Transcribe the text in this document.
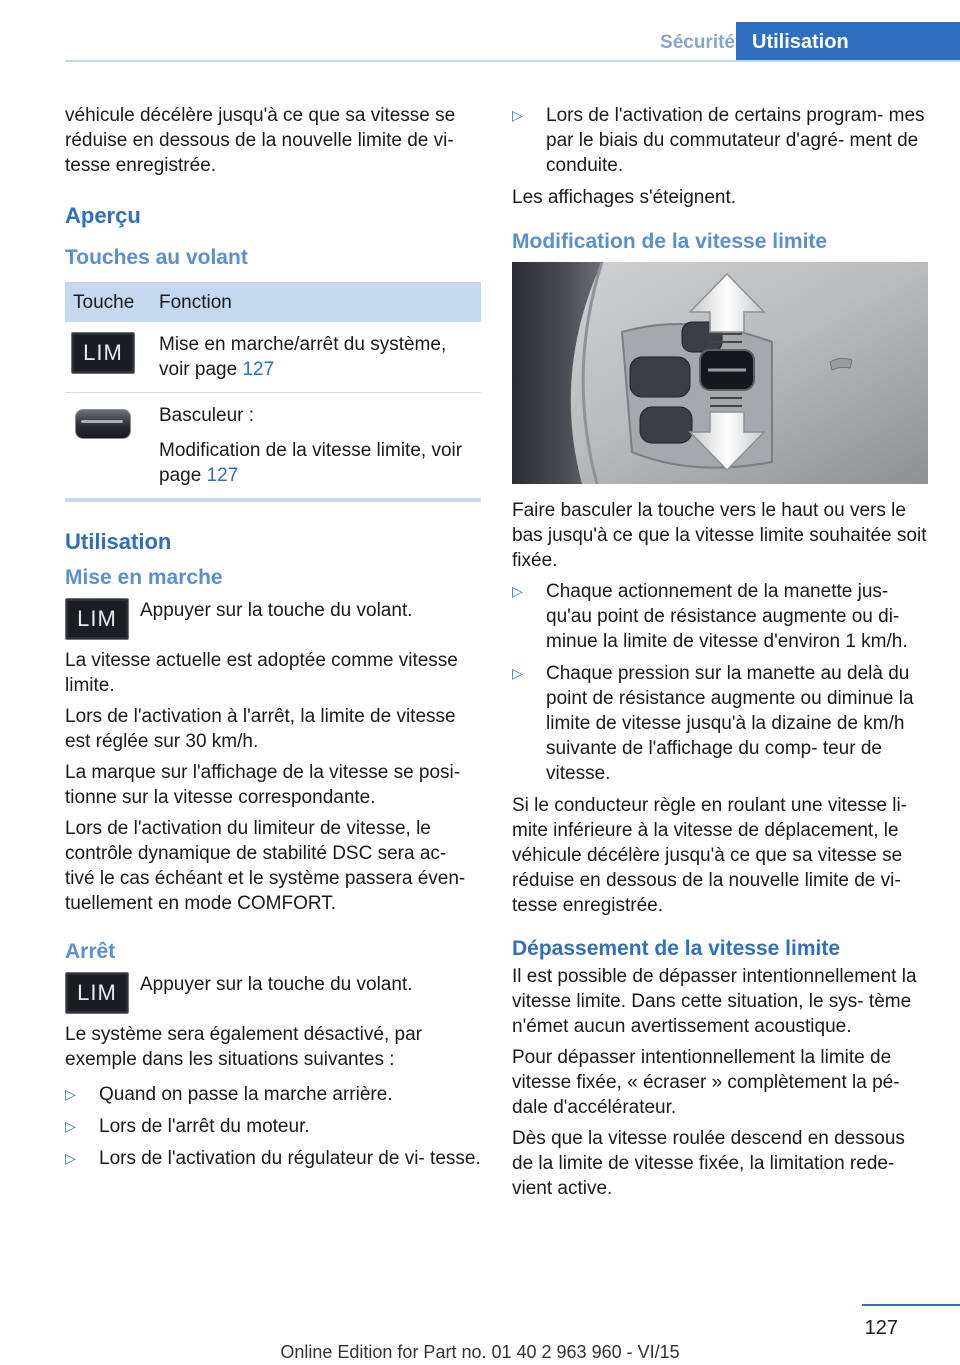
Sécurité Utilisation

véhicule décélère jusqu'à ce que sa vitesse se réduise en dessous de la nouvelle limite de vi‐ tesse enregistrée.

Aperçu
Touches au volant
Touche	Fonction
LIM	Mise en marche/arrêt du système, voir page 127

	Basculeur :

Modification de la vitesse limite, voir page 127
Utilisation
Mise en marche
LIM	Appuyer sur la touche du volant.

La vitesse actuelle est adoptée comme vitesse limite.

Lors de l'activation à l'arrêt, la limite de vitesse est réglée sur 30 km/h.

La marque sur l'affichage de la vitesse se posi‐ tionne sur la vitesse correspondante.

Lors de l'activation du limiteur de vitesse, le contrôle dynamique de stabilité DSC sera ac‐ tivé le cas échéant et le système passera éven‐ tuellement en mode COMFORT.

Arrêt
LIM	Appuyer sur la touche du volant.

Le système sera également désactivé, par exemple dans les situations suivantes :

▷ Quand on passe la marche arrière.
▷ Lors de l'arrêt du moteur.
▷ Lors de l'activation du régulateur de vi‐ tesse.
▷ Lors de l'activation de certains program‐ mes par le biais du commutateur d'agré‐ ment de conduite.

Les affichages s'éteignent.

Modification de la vitesse limite

Faire basculer la touche vers le haut ou vers le bas jusqu'à ce que la vitesse limite souhaitée soit fixée.

▷ Chaque actionnement de la manette jus‐ qu'au point de résistance augmente ou di‐ minue la limite de vitesse d'environ 1 km/h.
▷ Chaque pression sur la manette au delà du point de résistance augmente ou diminue la limite de vitesse jusqu'à la dizaine de km/h suivante de l'affichage du comp‐ teur de vitesse.

Si le conducteur règle en roulant une vitesse li‐ mite inférieure à la vitesse de déplacement, le véhicule décélère jusqu'à ce que sa vitesse se réduise en dessous de la nouvelle limite de vi‐ tesse enregistrée.

Dépassement de la vitesse limite

Il est possible de dépasser intentionnellement la vitesse limite. Dans cette situation, le sys‐ tème n'émet aucun avertissement acoustique.

Pour dépasser intentionnellement la limite de vitesse fixée, « écraser » complètement la pé‐ dale d'accélérateur.

Dès que la vitesse roulée descend en dessous de la limite de vitesse fixée, la limitation rede‐ vient active.

127
Online Edition for Part no. 01 40 2 963 960 - VI/15
